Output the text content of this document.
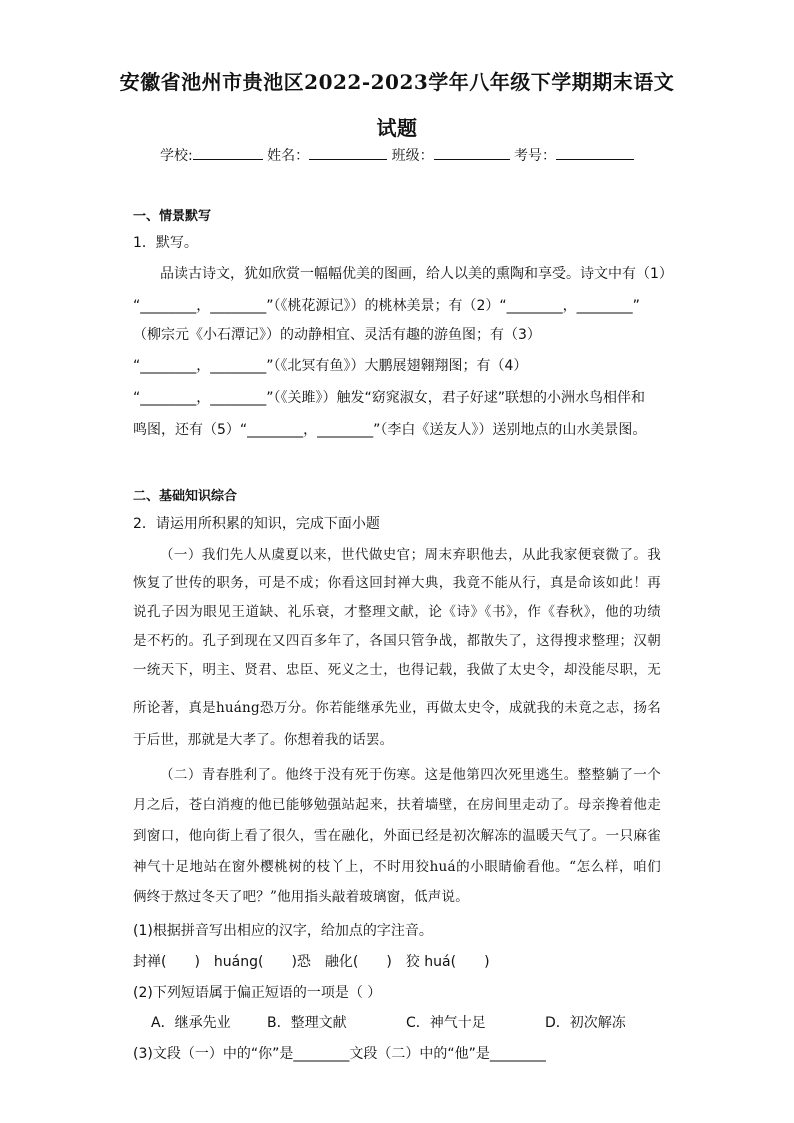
安徽省池州市贵池区2022-2023学年八年级下学期期末语文
试题
学校:	姓名：	班级：	考号：
一、情景默写
1．默写。
品读古诗文，犹如欣赏一幅幅优美的图画，给人以美的熏陶和享受。诗文中有（1）
“________，________”（《桃花源记》）的桃林美景；有（2）“________，________”
（柳宗元《小石潭记》）的动静相宜、灵活有趣的游鱼图；有（3）
“________，________”（《北冥有鱼》）大鹏展翅翱翔图；有（4）
“________，________”（《关雎》）触发“窈窕淑女，君子好逑”联想的小洲水鸟相伴和
鸣图，还有（5）“________，________”（李白《送友人》）送别地点的山水美景图。
二、基础知识综合
2．请运用所积累的知识，完成下面小题
（一）我们先人从虞夏以来，世代做史官；周末弃职他去，从此我家便衰微了。我
恢复了世传的职务，可是不成；你看这回封禅大典，我竟不能从行，真是命该如此！再
说孔子因为眼见王道缺、礼乐衰，才整理文献，论《诗》《书》，作《春秋》，他的功绩
是不朽的。孔子到现在又四百多年了，各国只管争战，都散失了，这得搜求整理；汉朝
一统天下，明主、贤君、忠臣、死义之士，也得记载，我做了太史令，却没能尽职，无
所论著，真是huáng恐万分。你若能继承先业，再做太史令，成就我的未竟之志，扬名
于后世，那就是大孝了。你想着我的话罢。
（二）青春胜利了。他终于没有死于伤寒。这是他第四次死里逃生。整整躺了一个
月之后，苍白消瘦的他已能够勉强站起来，扶着墙壁，在房间里走动了。母亲搀着他走
到窗口，他向街上看了很久，雪在融化，外面已经是初次解冻的温暖天气了。一只麻雀
神气十足地站在窗外樱桃树的枝丫上，不时用狡huá的小眼睛偷看他。“怎么样，咱们
俩终于熬过冬天了吧？”他用指头敲着玻璃窗，低声说。
(1)根据拼音写出相应的汉字，给加点的字注音。
封禅(　　)　huáng(　　)恐　融化(　　)　狡 huá(　　)
(2)下列短语属于偏正短语的一项是（ ）
A．继承先业	B．整理文献	C．神气十足	D．初次解冻
(3)文段（一）中的“你”是________文段（二）中的“他”是________
